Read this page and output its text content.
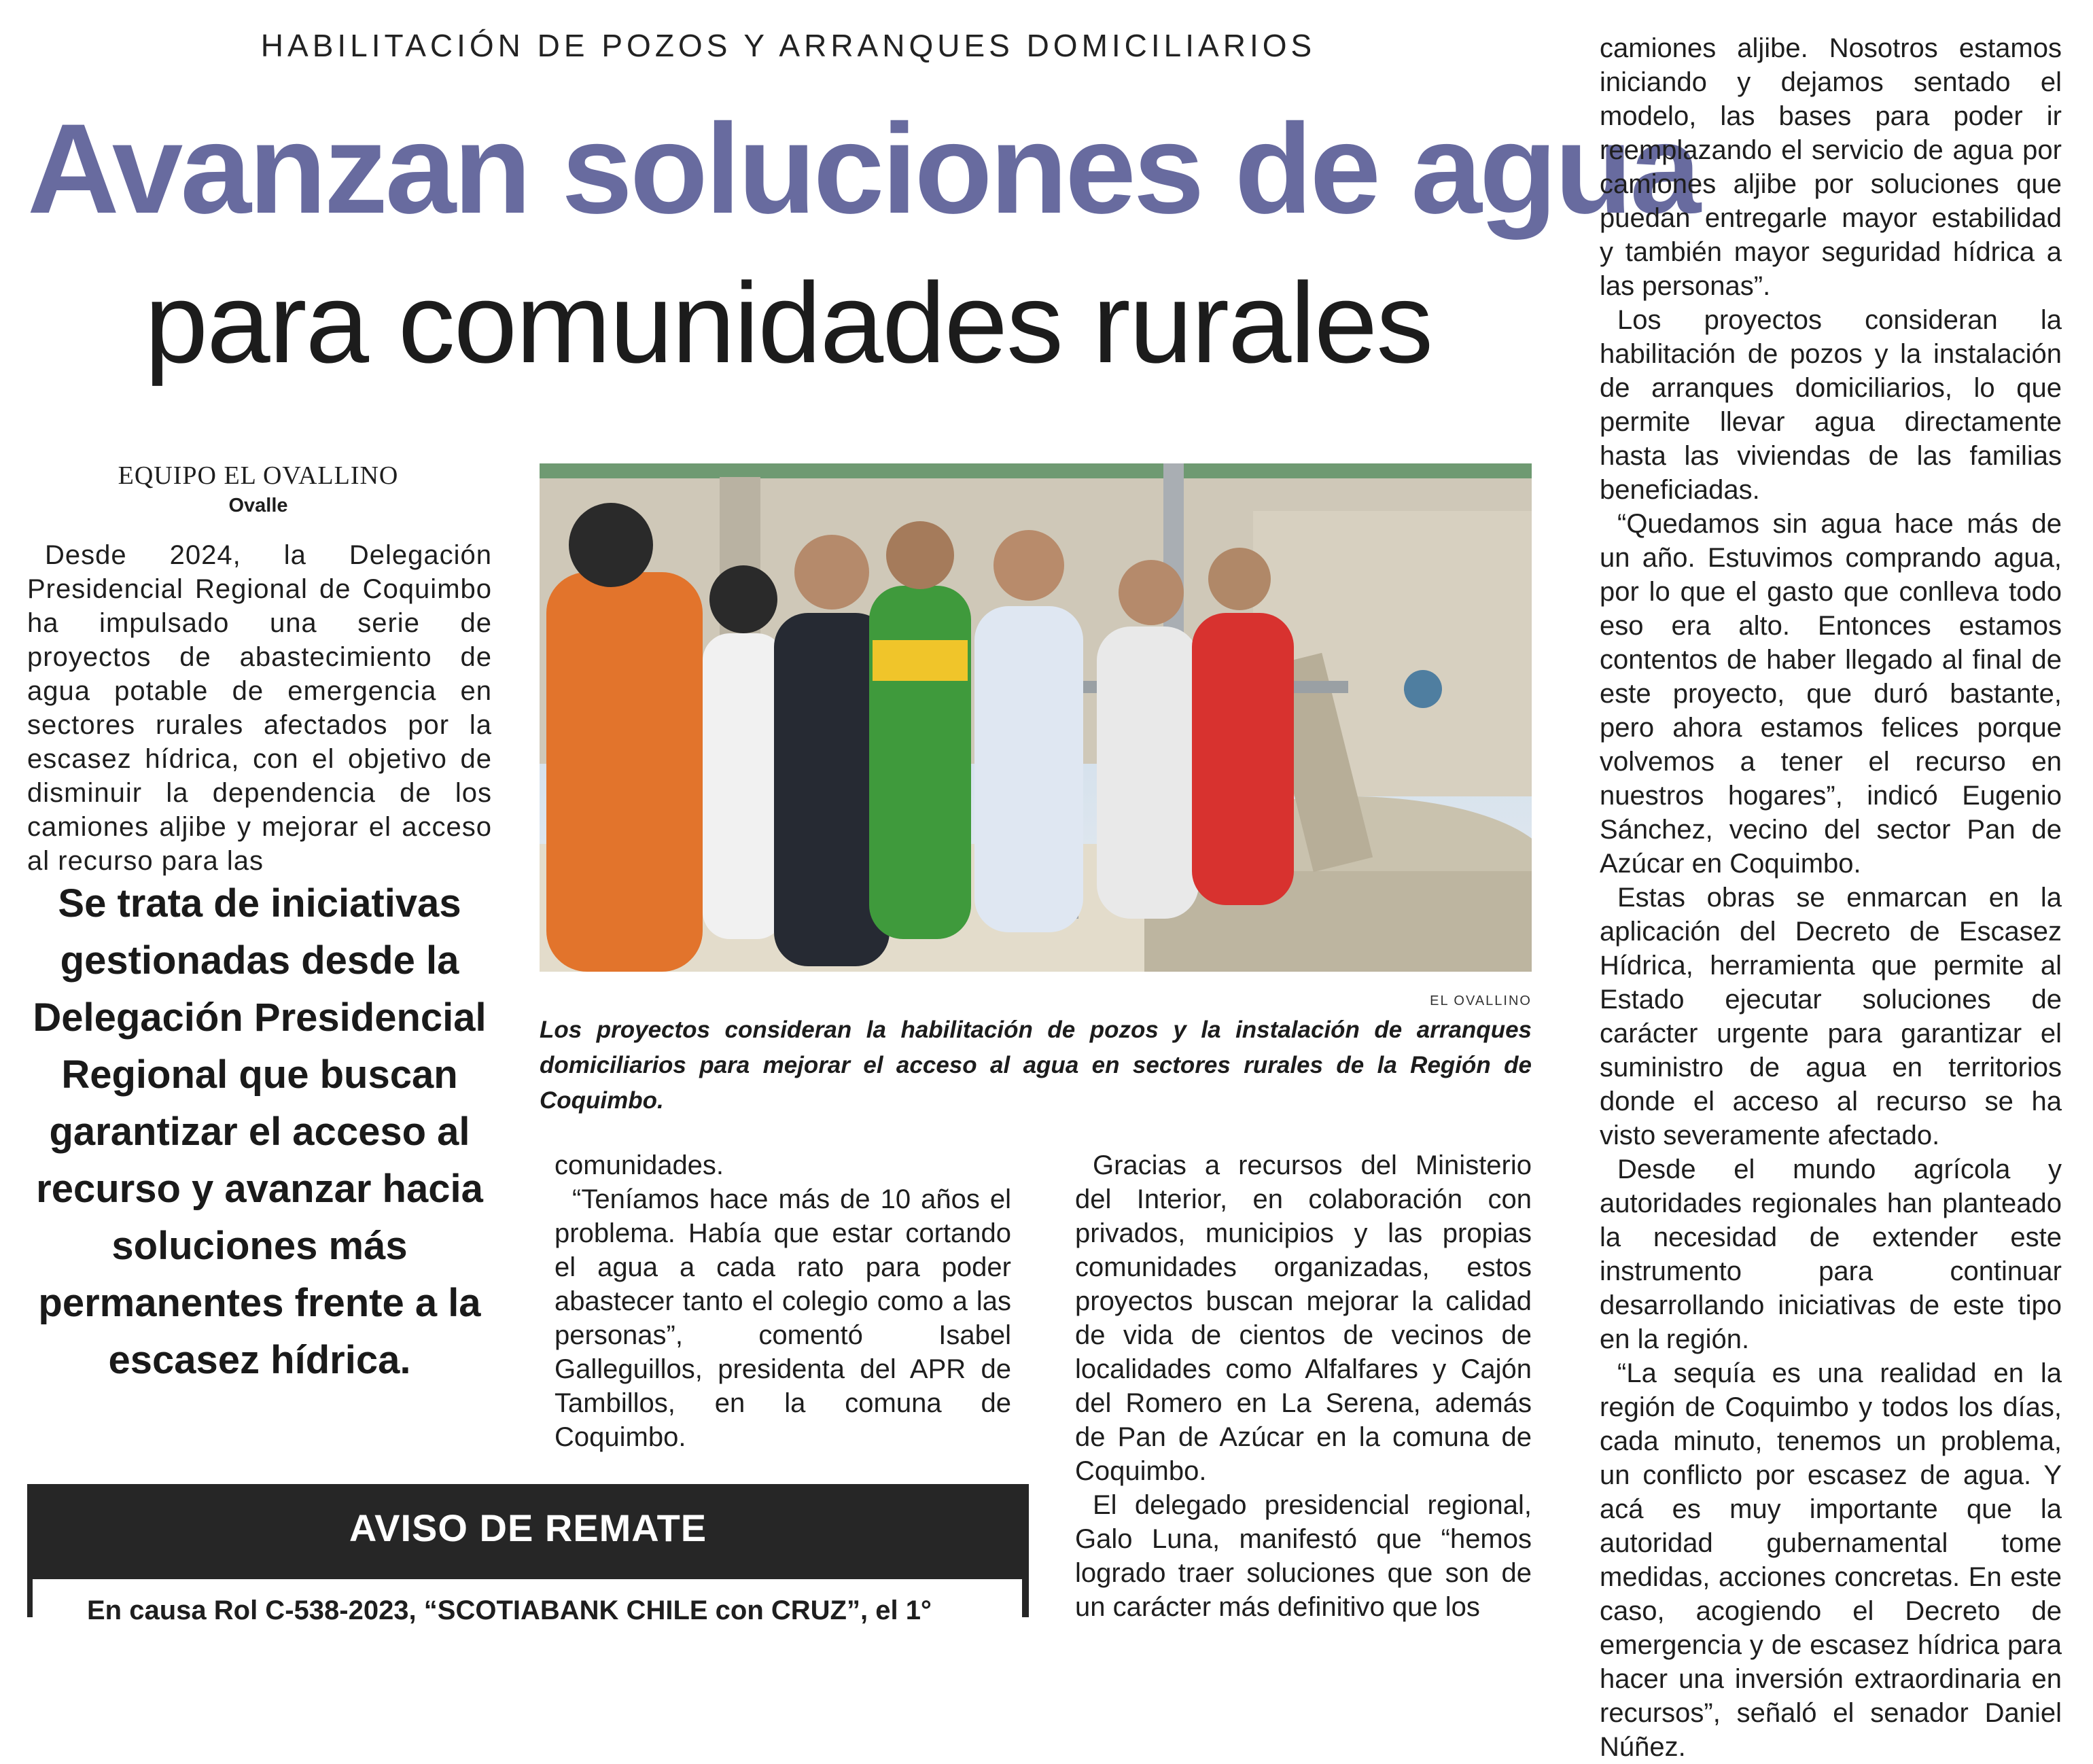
HABILITACIÓN DE POZOS Y ARRANQUES DOMICILIARIOS
Avanzan soluciones de agua
para comunidades rurales
EQUIPO EL OVALLINO
Ovalle

Desde 2024, la Delegación Presidencial Regional de Coquimbo ha impulsado una serie de proyectos de abastecimiento de agua potable de emergencia en sectores rurales afectados por la escasez hídrica, con el objetivo de disminuir la dependencia de los camiones aljibe y mejorar el acceso al recurso para las

Se trata de iniciativas gestionadas desde la Delegación Presidencial Regional que buscan garantizar el acceso al recurso y avanzar hacia soluciones más permanentes frente a la escasez hídrica.
EL OVALLINO
Los proyectos consideran la habilitación de pozos y la instalación de arranques domiciliarios para mejorar el acceso al agua en sectores rurales de la Región de Coquimbo.

comunidades.

“Teníamos hace más de 10 años el problema. Había que estar cortando el agua a cada rato para poder abastecer tanto el colegio como a las personas”, comentó Isabel Galleguillos, presidenta del APR de Tambillos, en la comuna de Coquimbo.

Gracias a recursos del Ministerio del Interior, en colaboración con privados, municipios y las propias comunidades organizadas, estos proyectos buscan mejorar la calidad de vida de cientos de vecinos de localidades como Alfalfares y Cajón del Romero en La Serena, además de Pan de Azúcar en la comuna de Coquimbo.

El delegado presidencial regional, Galo Luna, manifestó que “hemos logrado traer soluciones que son de un carácter más definitivo que los

camiones aljibe. Nosotros estamos iniciando y dejamos sentado el modelo, las bases para poder ir reemplazando el servicio de agua por camiones aljibe por soluciones que puedan entregarle mayor estabilidad y también mayor seguridad hídrica a las personas”.

Los proyectos consideran la habilitación de pozos y la instalación de arranques domiciliarios, lo que permite llevar agua directamente hasta las viviendas de las familias beneficiadas.

“Quedamos sin agua hace más de un año. Estuvimos comprando agua, por lo que el gasto que conlleva todo eso era alto. Entonces estamos contentos de haber llegado al final de este proyecto, que duró bastante, pero ahora estamos felices porque volvemos a tener el recurso en nuestros hogares”, indicó Eugenio Sánchez, vecino del sector Pan de Azúcar en Coquimbo.

Estas obras se enmarcan en la aplicación del Decreto de Escasez Hídrica, herramienta que permite al Estado ejecutar soluciones de carácter urgente para garantizar el suministro de agua en territorios donde el acceso al recurso se ha visto severamente afectado.

Desde el mundo agrícola y autoridades regionales han planteado la necesidad de extender este instrumento para continuar desarrollando iniciativas de este tipo en la región.

“La sequía es una realidad en la región de Coquimbo y todos los días, cada minuto, tenemos un problema, un conflicto por escasez de agua. Y acá es muy importante que la autoridad gubernamental tome medidas, acciones concretas. En este caso, acogiendo el Decreto de emergencia y de escasez hídrica para hacer una inversión extraordinaria en recursos”, señaló el senador Daniel Núñez.

AVISO DE REMATE
En causa Rol C-538-2023, “SCOTIABANK CHILE con CRUZ”, el 1°
